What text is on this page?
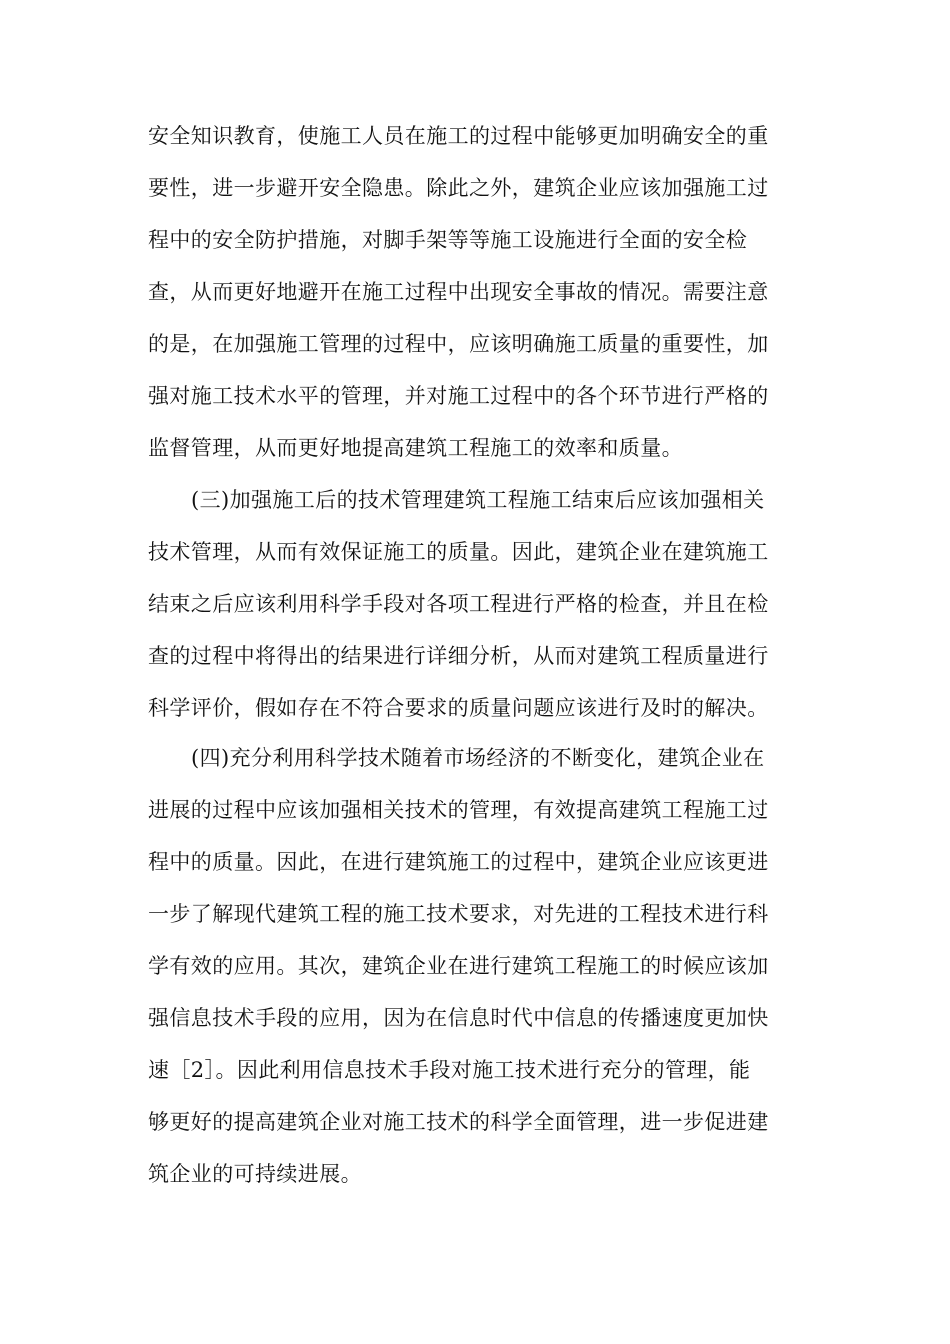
安全知识教育，使施工人员在施工的过程中能够更加明确安全的重
要性，进一步避开安全隐患。除此之外，建筑企业应该加强施工过
程中的安全防护措施，对脚手架等等施工设施进行全面的安全检
查，从而更好地避开在施工过程中出现安全事故的情况。需要注意
的是，在加强施工管理的过程中，应该明确施工质量的重要性，加
强对施工技术水平的管理，并对施工过程中的各个环节进行严格的
监督管理，从而更好地提高建筑工程施工的效率和质量。
(三)加强施工后的技术管理建筑工程施工结束后应该加强相关
技术管理，从而有效保证施工的质量。因此，建筑企业在建筑施工
结束之后应该利用科学手段对各项工程进行严格的检查，并且在检
查的过程中将得出的结果进行详细分析，从而对建筑工程质量进行
科学评价，假如存在不符合要求的质量问题应该进行及时的解决。
(四)充分利用科学技术随着市场经济的不断变化，建筑企业在
进展的过程中应该加强相关技术的管理，有效提高建筑工程施工过
程中的质量。因此，在进行建筑施工的过程中，建筑企业应该更进
一步了解现代建筑工程的施工技术要求，对先进的工程技术进行科
学有效的应用。其次，建筑企业在进行建筑工程施工的时候应该加
强信息技术手段的应用，因为在信息时代中信息的传播速度更加快
速［2］。因此利用信息技术手段对施工技术进行充分的管理，能
够更好的提高建筑企业对施工技术的科学全面管理，进一步促进建
筑企业的可持续进展。
